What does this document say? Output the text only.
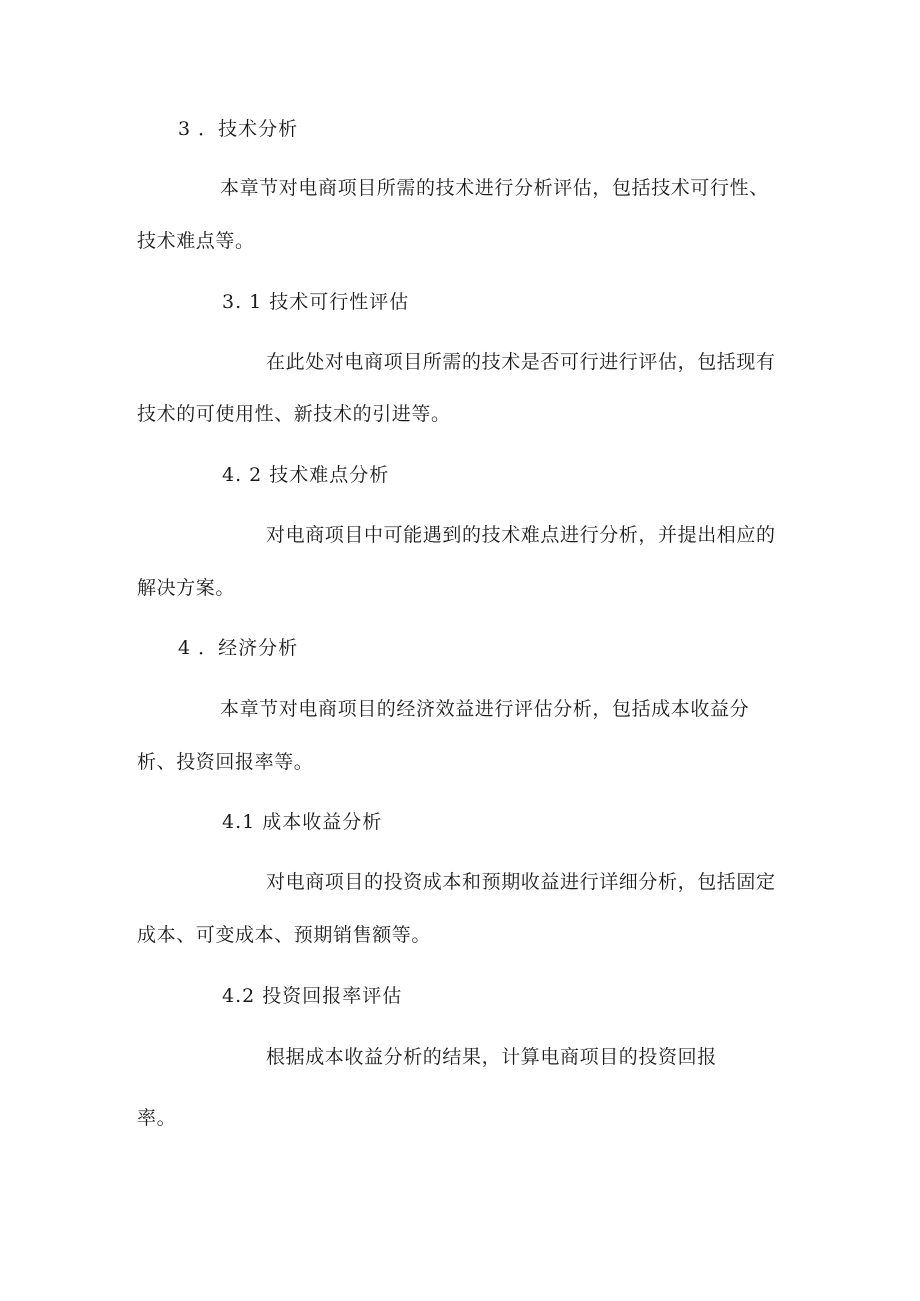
3 ．技术分析
本章节对电商项目所需的技术进行分析评估，包括技术可行性、
技术难点等。
3. 1 技术可行性评估
在此处对电商项目所需的技术是否可行进行评估，包括现有
技术的可使用性、新技术的引进等。
4. 2 技术难点分析
对电商项目中可能遇到的技术难点进行分析，并提出相应的
解决方案。
4 ．经济分析
本章节对电商项目的经济效益进行评估分析，包括成本收益分
析、投资回报率等。
4.1 成本收益分析
对电商项目的投资成本和预期收益进行详细分析，包括固定
成本、可变成本、预期销售额等。
4.2 投资回报率评估
根据成本收益分析的结果，计算电商项目的投资回报
率。
